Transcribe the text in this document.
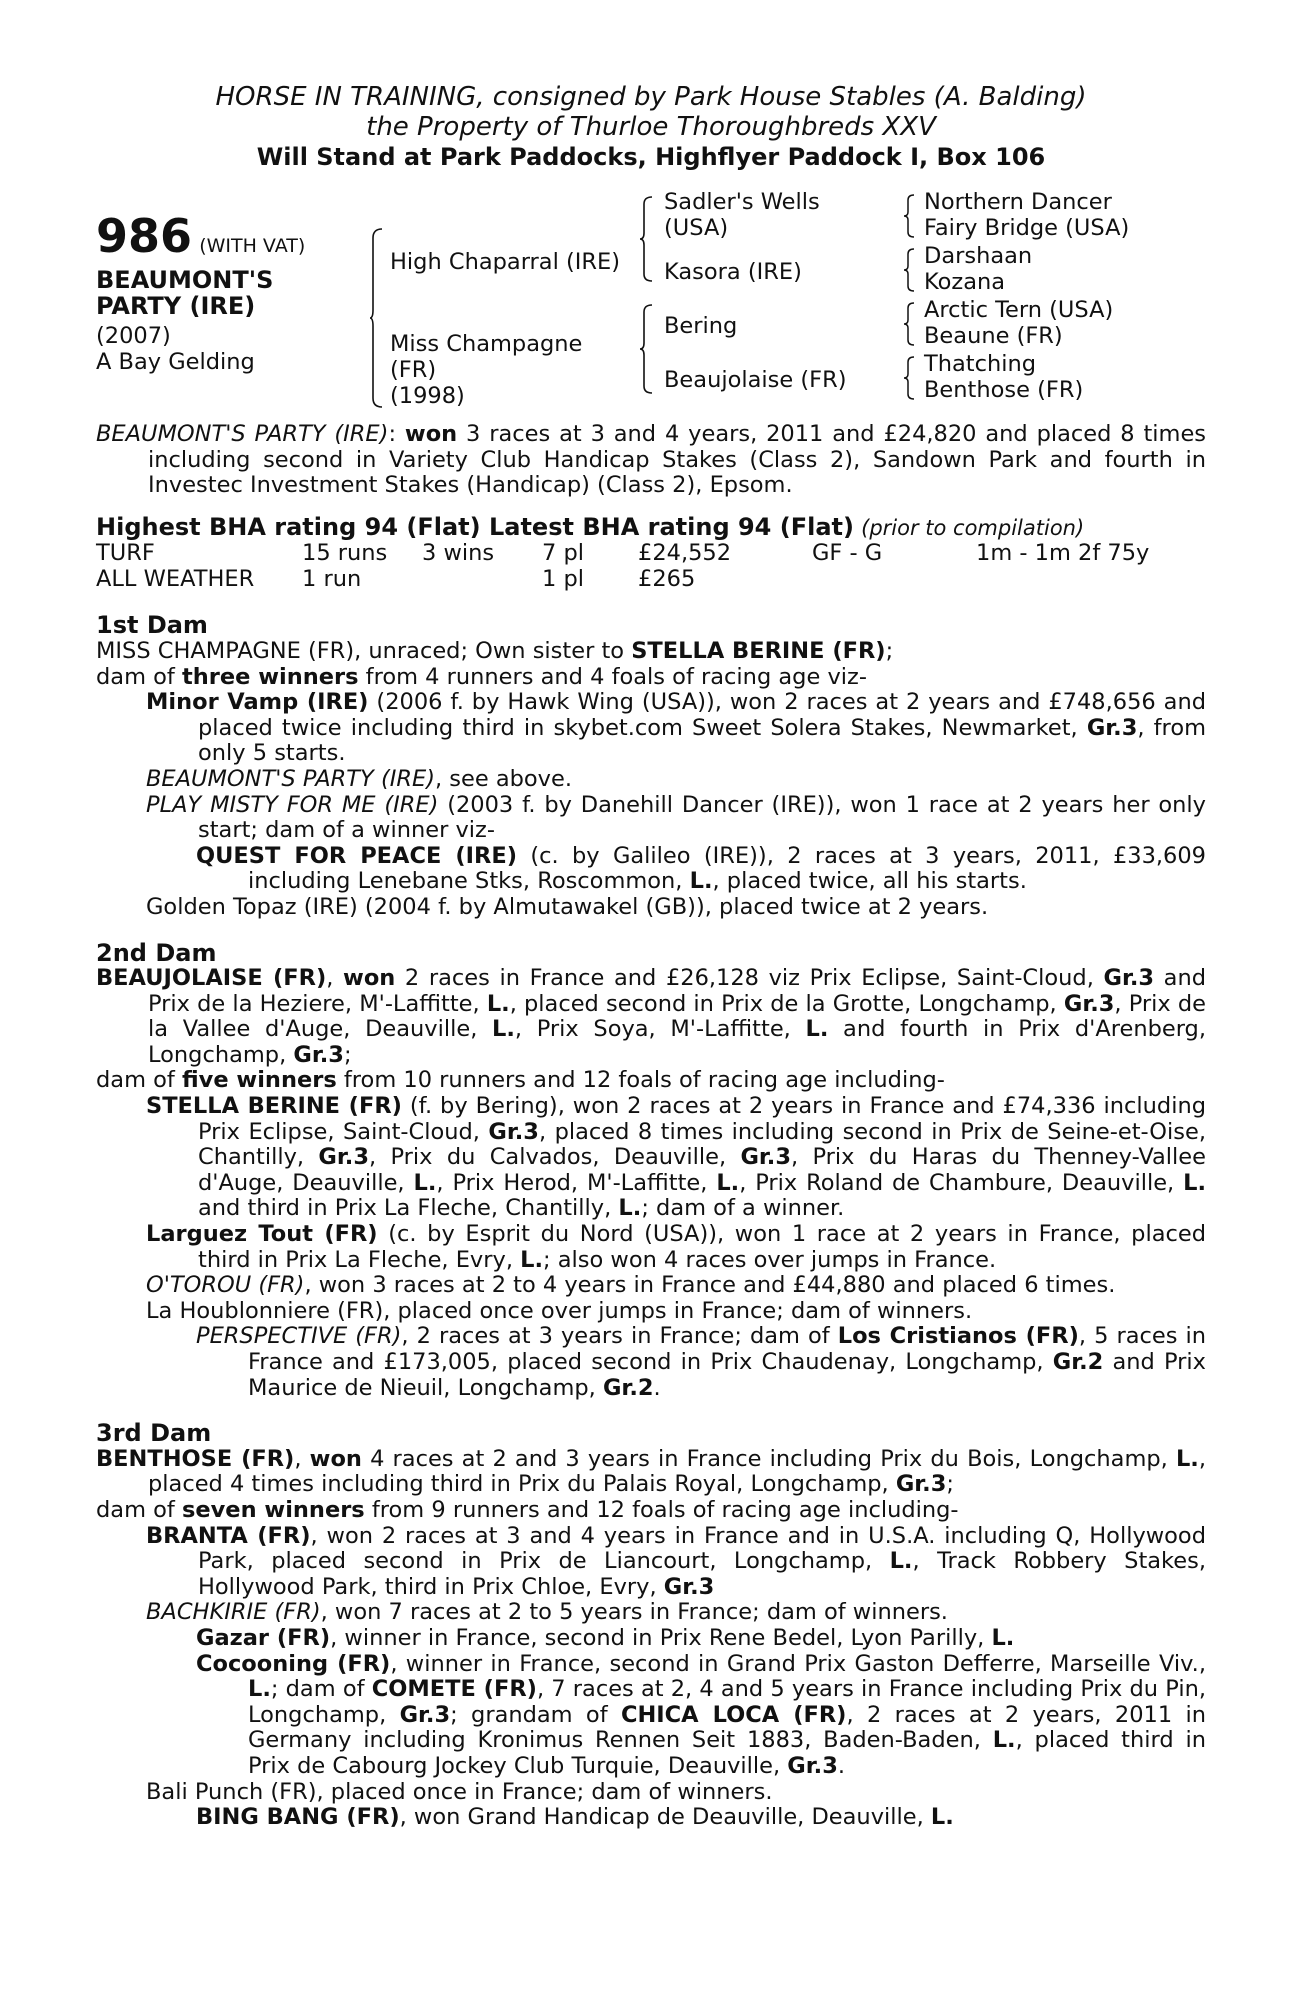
HORSE IN TRAINING, consigned by Park House Stables (A. Balding)
the Property of Thurloe Thoroughbreds XXV
Will Stand at Park Paddocks, Highflyer Paddock I, Box 106
986 (WITH VAT)
BEAUMONT'S
PARTY (IRE)
(2007)
A Bay Gelding
High Chaparral (IRE)
Miss Champagne
(FR)
(1998)
Sadler's Wells
(USA)
Kasora (IRE)
Bering
Beaujolaise (FR)
Northern Dancer
Fairy Bridge (USA)
Darshaan
Kozana
Arctic Tern (USA)
Beaune (FR)
Thatching
Benthose (FR)

BEAUMONT'S PARTY (IRE): won 3 races at 3 and 4 years, 2011 and £24,820 and placed 8 times including second in Variety Club Handicap Stakes (Class 2), Sandown Park and fourth in Investec Investment Stakes (Handicap) (Class 2), Epsom.

Highest BHA rating 94 (Flat) Latest BHA rating 94 (Flat) (prior to compilation)
TURF	15 runs 3 wins 7 pl £24,552	GF - G	1m - 1m 2f 75y
ALL WEATHER 1 run	1 pl £265
1st Dam

MISS CHAMPAGNE (FR), unraced; Own sister to STELLA BERINE (FR);

dam of three winners from 4 runners and 4 foals of racing age viz-

Minor Vamp (IRE) (2006 f. by Hawk Wing (USA)), won 2 races at 2 years and £748,656 and placed twice including third in skybet.com Sweet Solera Stakes, Newmarket, Gr.3, from only 5 starts.

BEAUMONT'S PARTY (IRE), see above.

PLAY MISTY FOR ME (IRE) (2003 f. by Danehill Dancer (IRE)), won 1 race at 2 years her only start; dam of a winner viz-

QUEST FOR PEACE (IRE) (c. by Galileo (IRE)), 2 races at 3 years, 2011, £33,609 including Lenebane Stks, Roscommon, L., placed twice, all his starts.

Golden Topaz (IRE) (2004 f. by Almutawakel (GB)), placed twice at 2 years.

2nd Dam

BEAUJOLAISE (FR), won 2 races in France and £26,128 viz Prix Eclipse, Saint-Cloud, Gr.3 and Prix de la Heziere, M'-Laffitte, L., placed second in Prix de la Grotte, Longchamp, Gr.3, Prix de la Vallee d'Auge, Deauville, L., Prix Soya, M'-Laffitte, L. and fourth in Prix d'Arenberg, Longchamp, Gr.3;

dam of five winners from 10 runners and 12 foals of racing age including-

STELLA BERINE (FR) (f. by Bering), won 2 races at 2 years in France and £74,336 including Prix Eclipse, Saint-Cloud, Gr.3, placed 8 times including second in Prix de Seine-et-Oise, Chantilly, Gr.3, Prix du Calvados, Deauville, Gr.3, Prix du Haras du Thenney-Vallee d'Auge, Deauville, L., Prix Herod, M'-Laffitte, L., Prix Roland de Chambure, Deauville, L. and third in Prix La Fleche, Chantilly, L.; dam of a winner.

Larguez Tout (FR) (c. by Esprit du Nord (USA)), won 1 race at 2 years in France, placed third in Prix La Fleche, Evry, L.; also won 4 races over jumps in France.

O'TOROU (FR), won 3 races at 2 to 4 years in France and £44,880 and placed 6 times.

La Houblonniere (FR), placed once over jumps in France; dam of winners.

PERSPECTIVE (FR), 2 races at 3 years in France; dam of Los Cristianos (FR), 5 races in France and £173,005, placed second in Prix Chaudenay, Longchamp, Gr.2 and Prix Maurice de Nieuil, Longchamp, Gr.2.

3rd Dam

BENTHOSE (FR), won 4 races at 2 and 3 years in France including Prix du Bois, Longchamp, L., placed 4 times including third in Prix du Palais Royal, Longchamp, Gr.3;

dam of seven winners from 9 runners and 12 foals of racing age including-

BRANTA (FR), won 2 races at 3 and 4 years in France and in U.S.A. including Q, Hollywood Park, placed second in Prix de Liancourt, Longchamp, L., Track Robbery Stakes, Hollywood Park, third in Prix Chloe, Evry, Gr.3

BACHKIRIE (FR), won 7 races at 2 to 5 years in France; dam of winners.

Gazar (FR), winner in France, second in Prix Rene Bedel, Lyon Parilly, L.

Cocooning (FR), winner in France, second in Grand Prix Gaston Defferre, Marseille Viv., L.; dam of COMETE (FR), 7 races at 2, 4 and 5 years in France including Prix du Pin, Longchamp, Gr.3; grandam of CHICA LOCA (FR), 2 races at 2 years, 2011 in Germany including Kronimus Rennen Seit 1883, Baden-Baden, L., placed third in Prix de Cabourg Jockey Club Turquie, Deauville, Gr.3.

Bali Punch (FR), placed once in France; dam of winners.

BING BANG (FR), won Grand Handicap de Deauville, Deauville, L.
